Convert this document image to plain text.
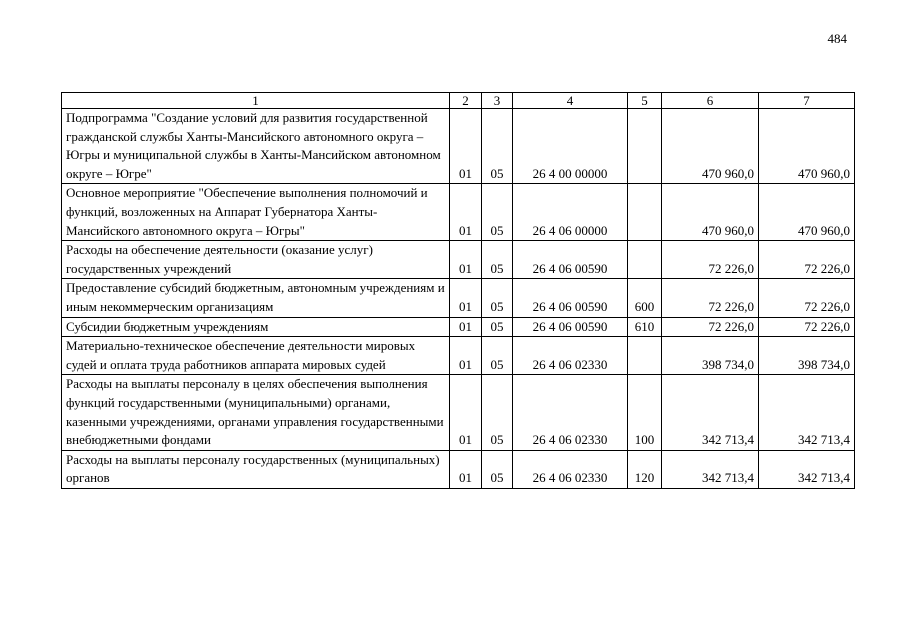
484
1	2	3	4	5	6	7
Подпрограмма "Создание условий для развития государственной гражданской службы Ханты-Мансийского автономного округа – Югры и муниципальной службы в Ханты-Мансийском автономном округе – Югре"	01	05	26 4 00 00000		470 960,0	470 960,0
Основное мероприятие "Обеспечение выполнения полномочий и функций, возложенных на Аппарат Губернатора Ханты-Мансийского автономного округа – Югры"	01	05	26 4 06 00000		470 960,0	470 960,0
Расходы на обеспечение деятельности (оказание услуг) государственных учреждений	01	05	26 4 06 00590		72 226,0	72 226,0
Предоставление субсидий бюджетным, автономным учреждениям и иным некоммерческим организациям	01	05	26 4 06 00590	600	72 226,0	72 226,0
Субсидии бюджетным учреждениям	01	05	26 4 06 00590	610	72 226,0	72 226,0
Материально-техническое обеспечение деятельности мировых судей и оплата труда работников аппарата мировых судей	01	05	26 4 06 02330		398 734,0	398 734,0
Расходы на выплаты персоналу в целях обеспечения выполнения функций государственными (муниципальными) органами, казенными учреждениями, органами управления государственными внебюджетными фондами	01	05	26 4 06 02330	100	342 713,4	342 713,4
Расходы на выплаты персоналу государственных (муниципальных) органов	01	05	26 4 06 02330	120	342 713,4	342 713,4
